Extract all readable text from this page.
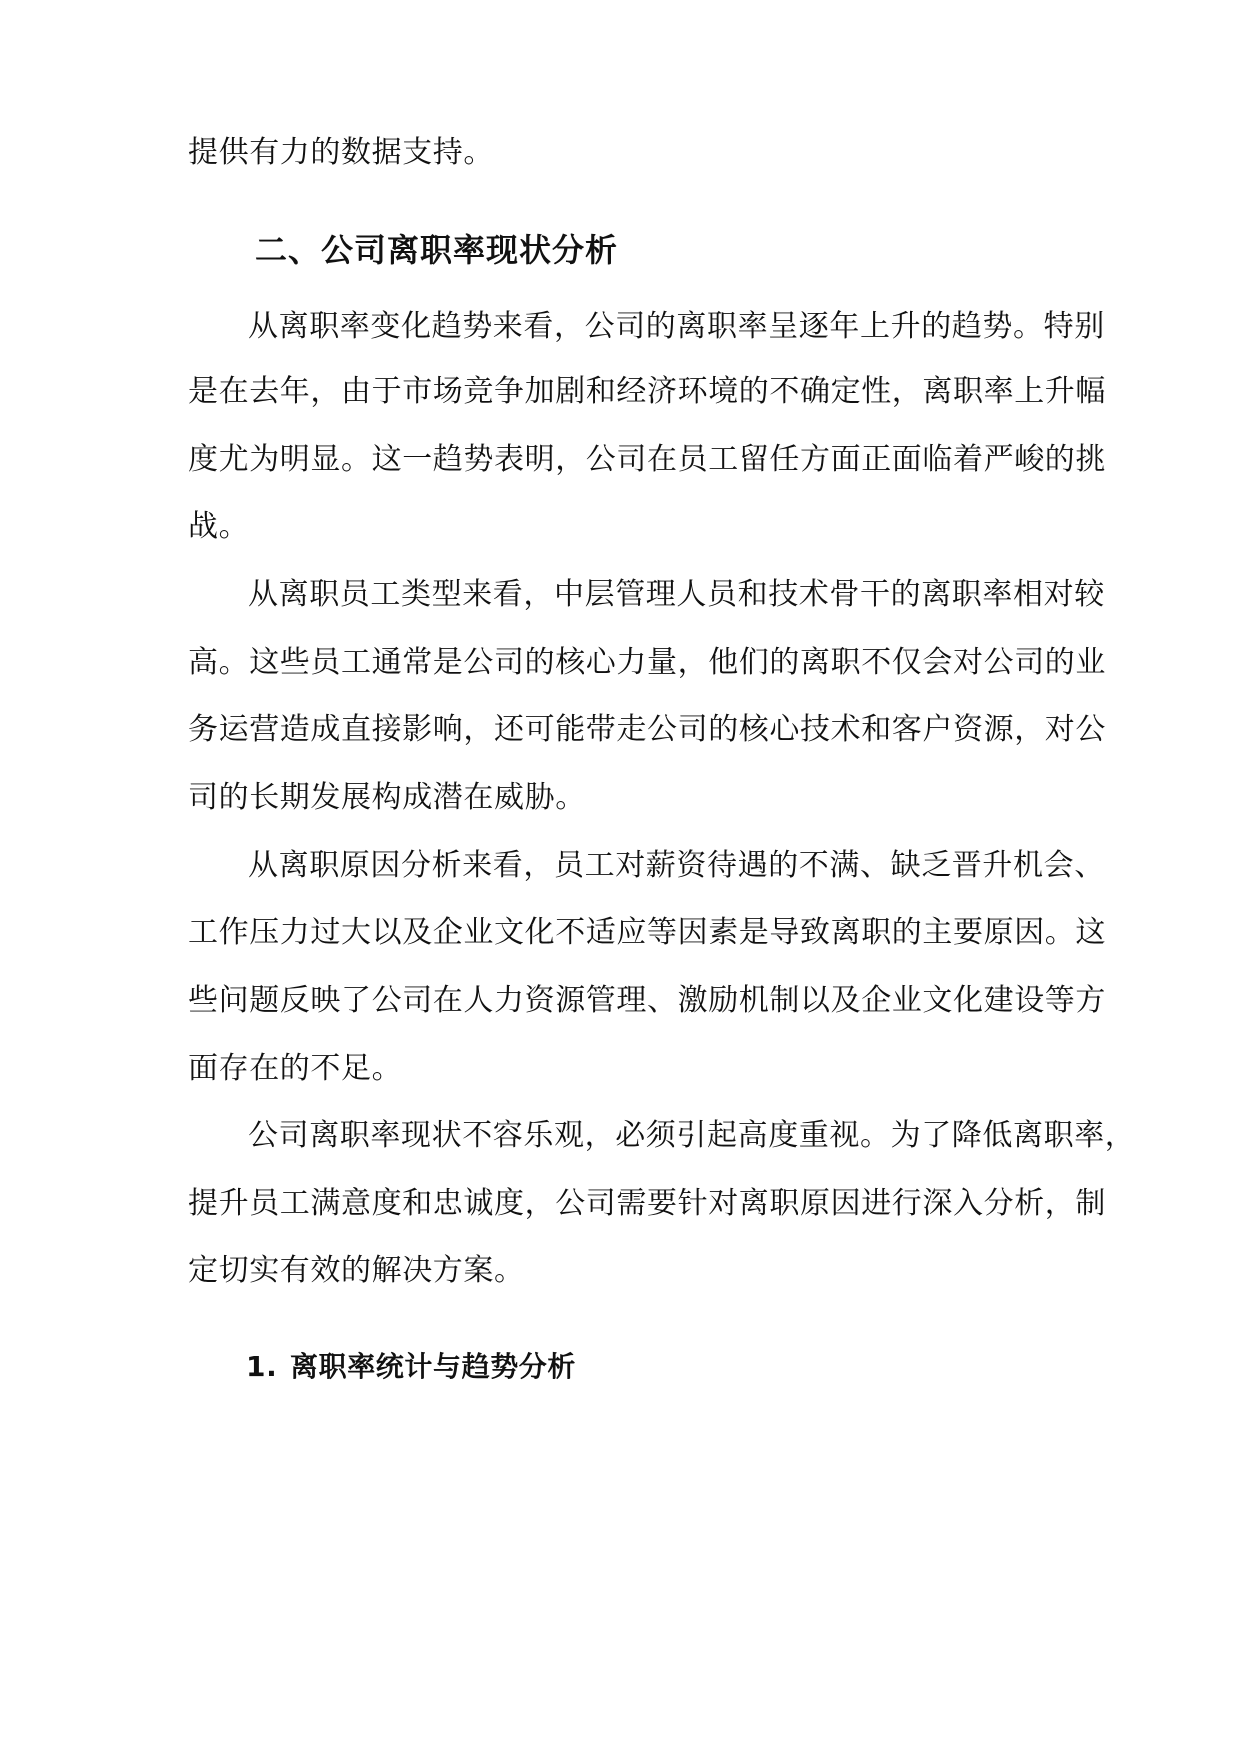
提供有力的数据支持。
二、公司离职率现状分析
从离职率变化趋势来看，公司的离职率呈逐年上升的趋势。特别
是在去年，由于市场竞争加剧和经济环境的不确定性，离职率上升幅
度尤为明显。这一趋势表明，公司在员工留任方面正面临着严峻的挑
战。
从离职员工类型来看，中层管理人员和技术骨干的离职率相对较
高。这些员工通常是公司的核心力量，他们的离职不仅会对公司的业
务运营造成直接影响，还可能带走公司的核心技术和客户资源，对公
司的长期发展构成潜在威胁。
从离职原因分析来看，员工对薪资待遇的不满、缺乏晋升机会、
工作压力过大以及企业文化不适应等因素是导致离职的主要原因。这
些问题反映了公司在人力资源管理、激励机制以及企业文化建设等方
面存在的不足。
公司离职率现状不容乐观，必须引起高度重视。为了降低离职率，
提升员工满意度和忠诚度，公司需要针对离职原因进行深入分析，制
定切实有效的解决方案。
1. 离职率统计与趋势分析
